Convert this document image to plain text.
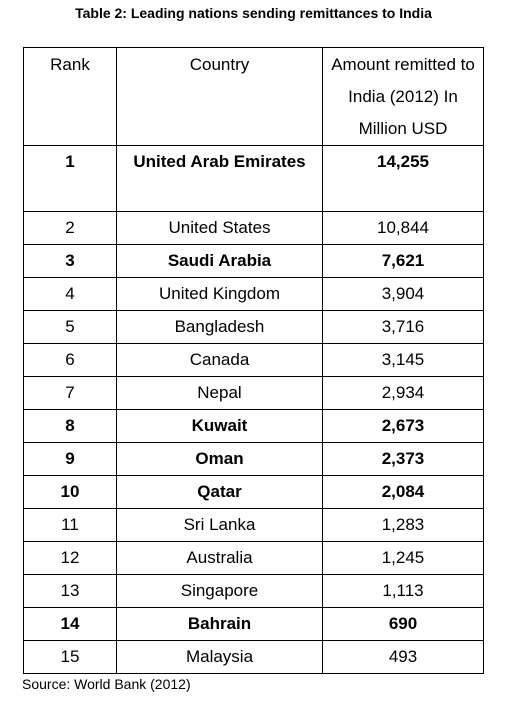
Table 2: Leading nations sending remittances to India
Rank	Country	Amount remitted to India (2012) In Million USD
1	United Arab Emirates	14,255
2	United States	10,844
3	Saudi Arabia	7,621
4	United Kingdom	3,904
5	Bangladesh	3,716
6	Canada	3,145
7	Nepal	2,934
8	Kuwait	2,673
9	Oman	2,373
10	Qatar	2,084
11	Sri Lanka	1,283
12	Australia	1,245
13	Singapore	1,113
14	Bahrain	690
15	Malaysia	493
Source: World Bank (2012)
